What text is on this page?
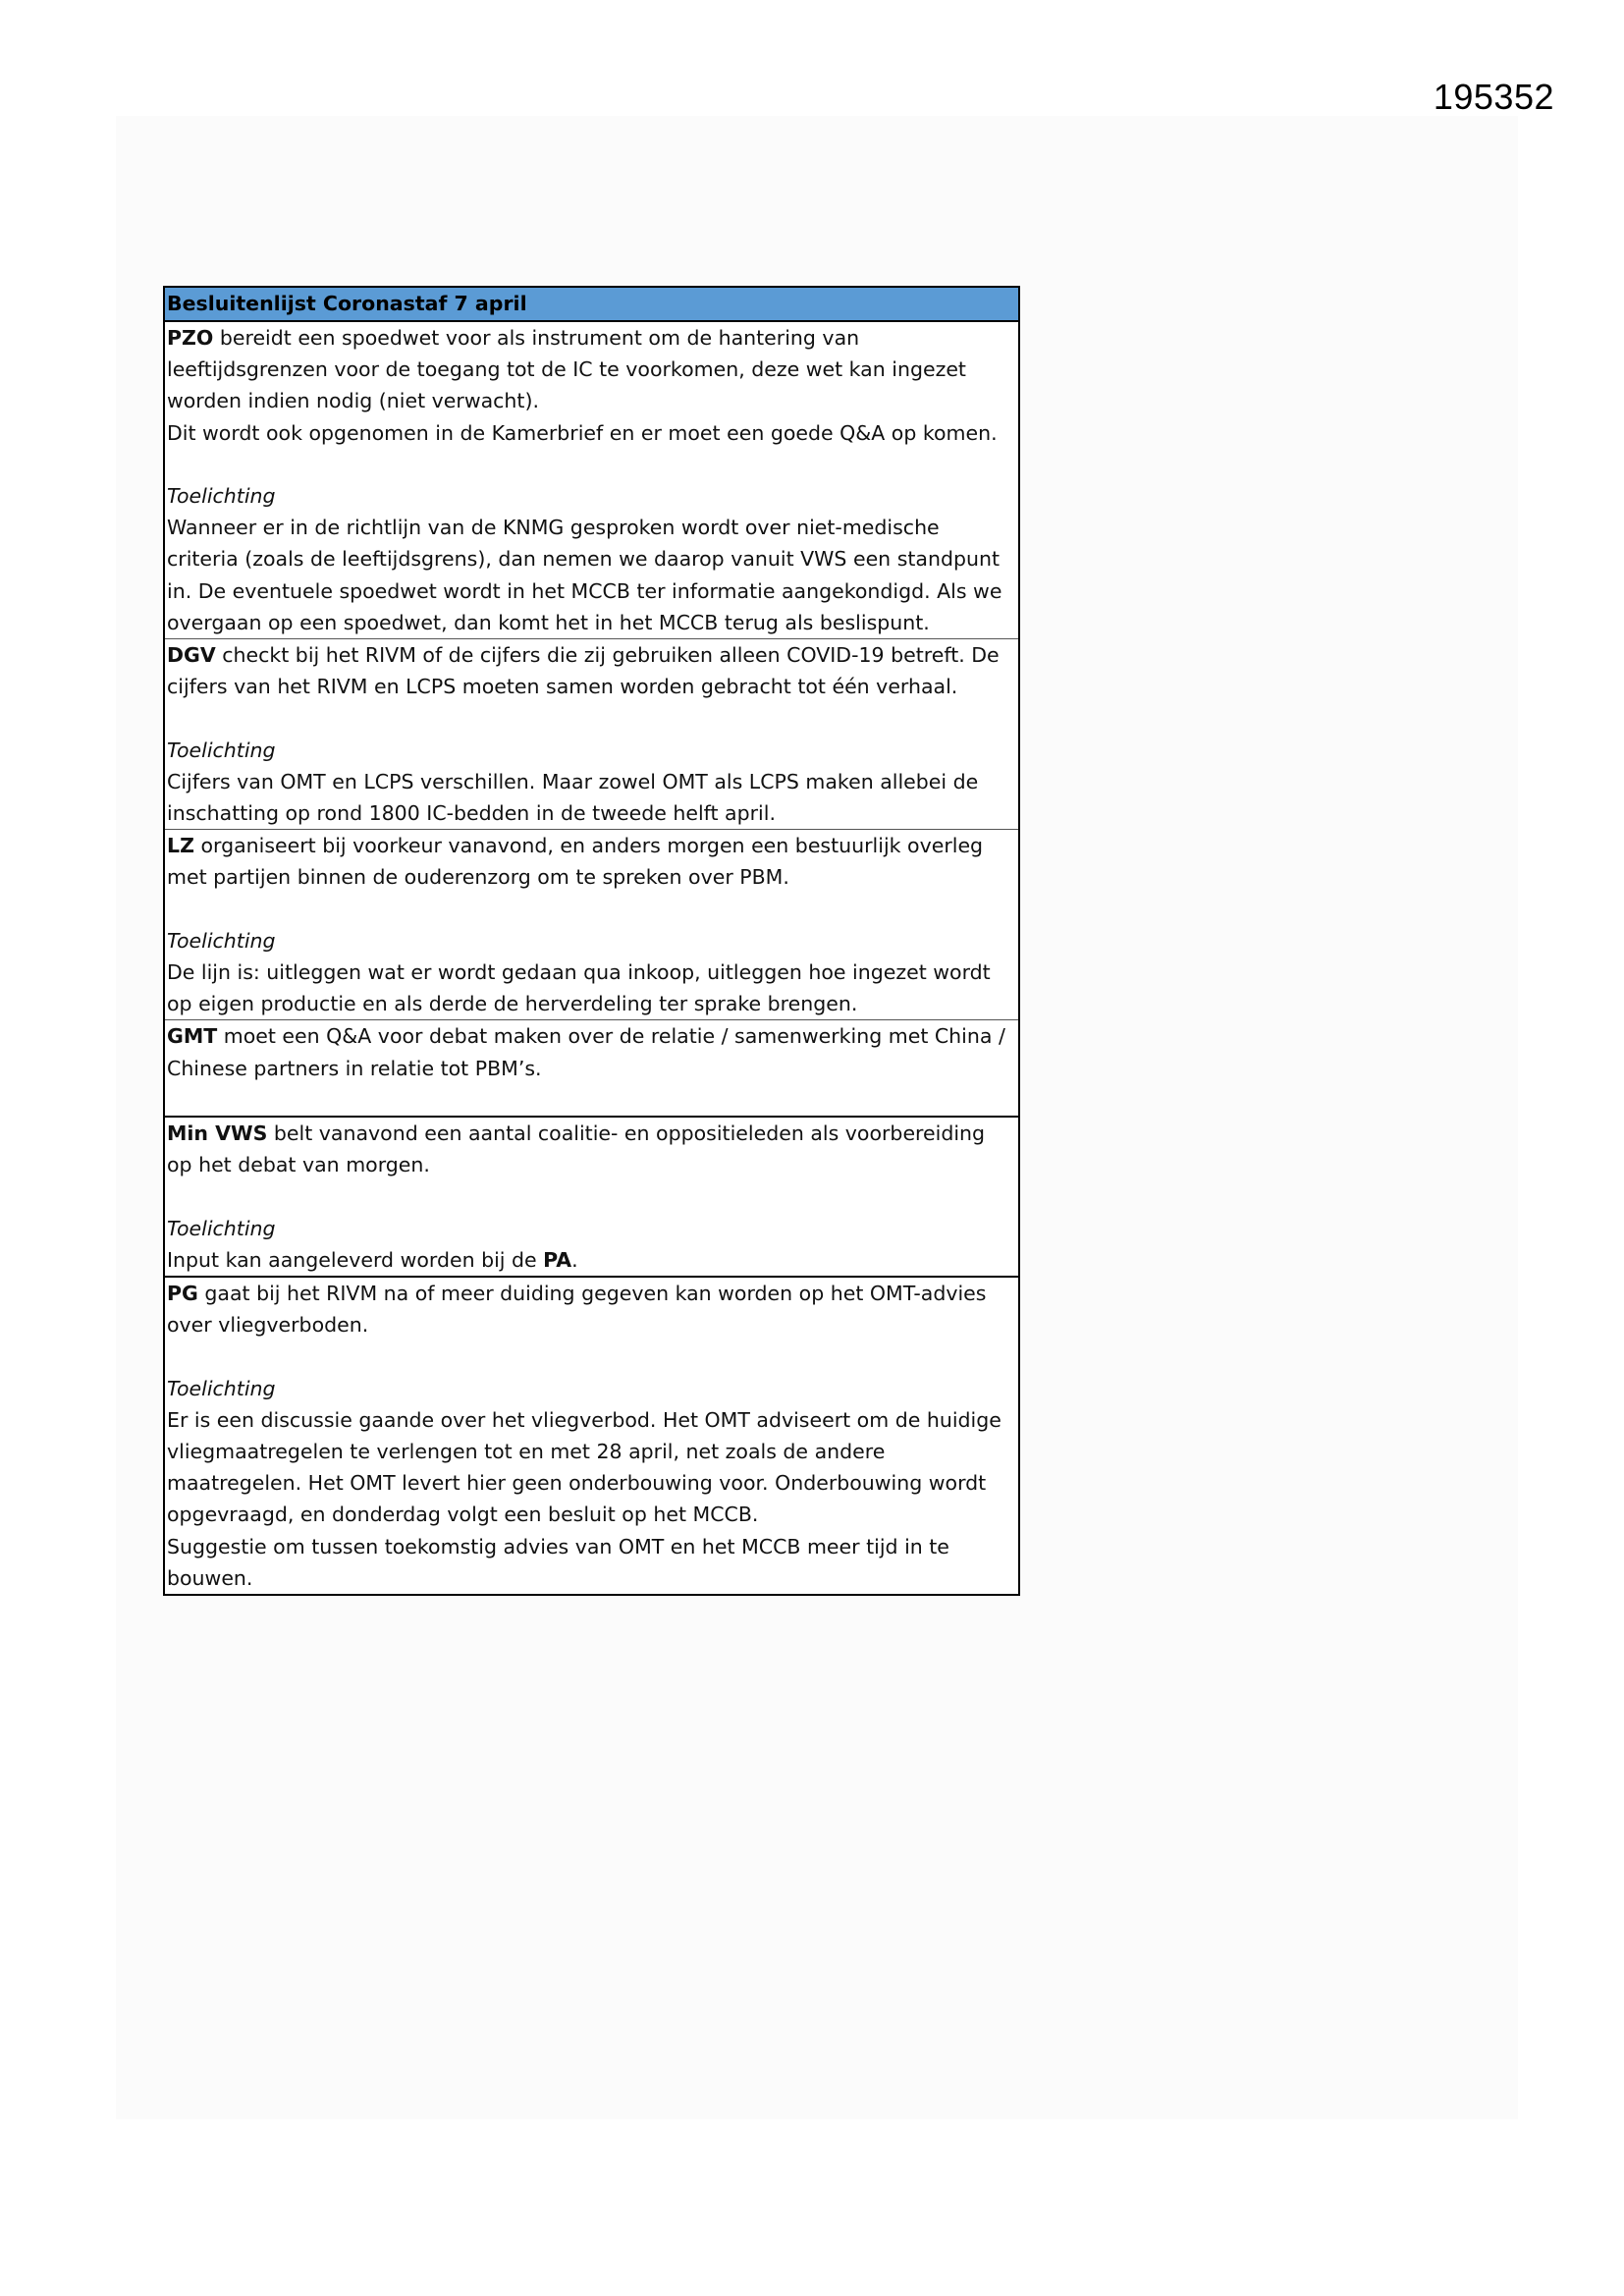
195352
Besluitenlijst Coronastaf 7 april

PZO bereidt een spoedwet voor als instrument om de hantering van leeftijdsgrenzen voor de toegang tot de IC te voorkomen, deze wet kan ingezet worden indien nodig (niet verwacht).
Dit wordt ook opgenomen in de Kamerbrief en er moet een goede Q&A op komen.
Toelichting
Wanneer er in de richtlijn van de KNMG gesproken wordt over niet-medische criteria (zoals de leeftijdsgrens), dan nemen we daarop vanuit VWS een standpunt in. De eventuele spoedwet wordt in het MCCB ter informatie aangekondigd. Als we overgaan op een spoedwet, dan komt het in het MCCB terug als beslispunt.

DGV checkt bij het RIVM of de cijfers die zij gebruiken alleen COVID-19 betreft. De cijfers van het RIVM en LCPS moeten samen worden gebracht tot één verhaal.
Toelichting
Cijfers van OMT en LCPS verschillen. Maar zowel OMT als LCPS maken allebei de inschatting op rond 1800 IC-bedden in de tweede helft april.

LZ organiseert bij voorkeur vanavond, en anders morgen een bestuurlijk overleg met partijen binnen de ouderenzorg om te spreken over PBM.
Toelichting
De lijn is: uitleggen wat er wordt gedaan qua inkoop, uitleggen hoe ingezet wordt op eigen productie en als derde de herverdeling ter sprake brengen.

GMT moet een Q&A voor debat maken over de relatie / samenwerking met China / Chinese partners in relatie tot PBM’s.

Min VWS belt vanavond een aantal coalitie- en oppositieleden als voorbereiding op het debat van morgen.
Toelichting
Input kan aangeleverd worden bij de PA.

PG gaat bij het RIVM na of meer duiding gegeven kan worden op het OMT-advies over vliegverboden.
Toelichting
Er is een discussie gaande over het vliegverbod. Het OMT adviseert om de huidige vliegmaatregelen te verlengen tot en met 28 april, net zoals de andere maatregelen. Het OMT levert hier geen onderbouwing voor. Onderbouwing wordt opgevraagd, en donderdag volgt een besluit op het MCCB.
Suggestie om tussen toekomstig advies van OMT en het MCCB meer tijd in te bouwen.
